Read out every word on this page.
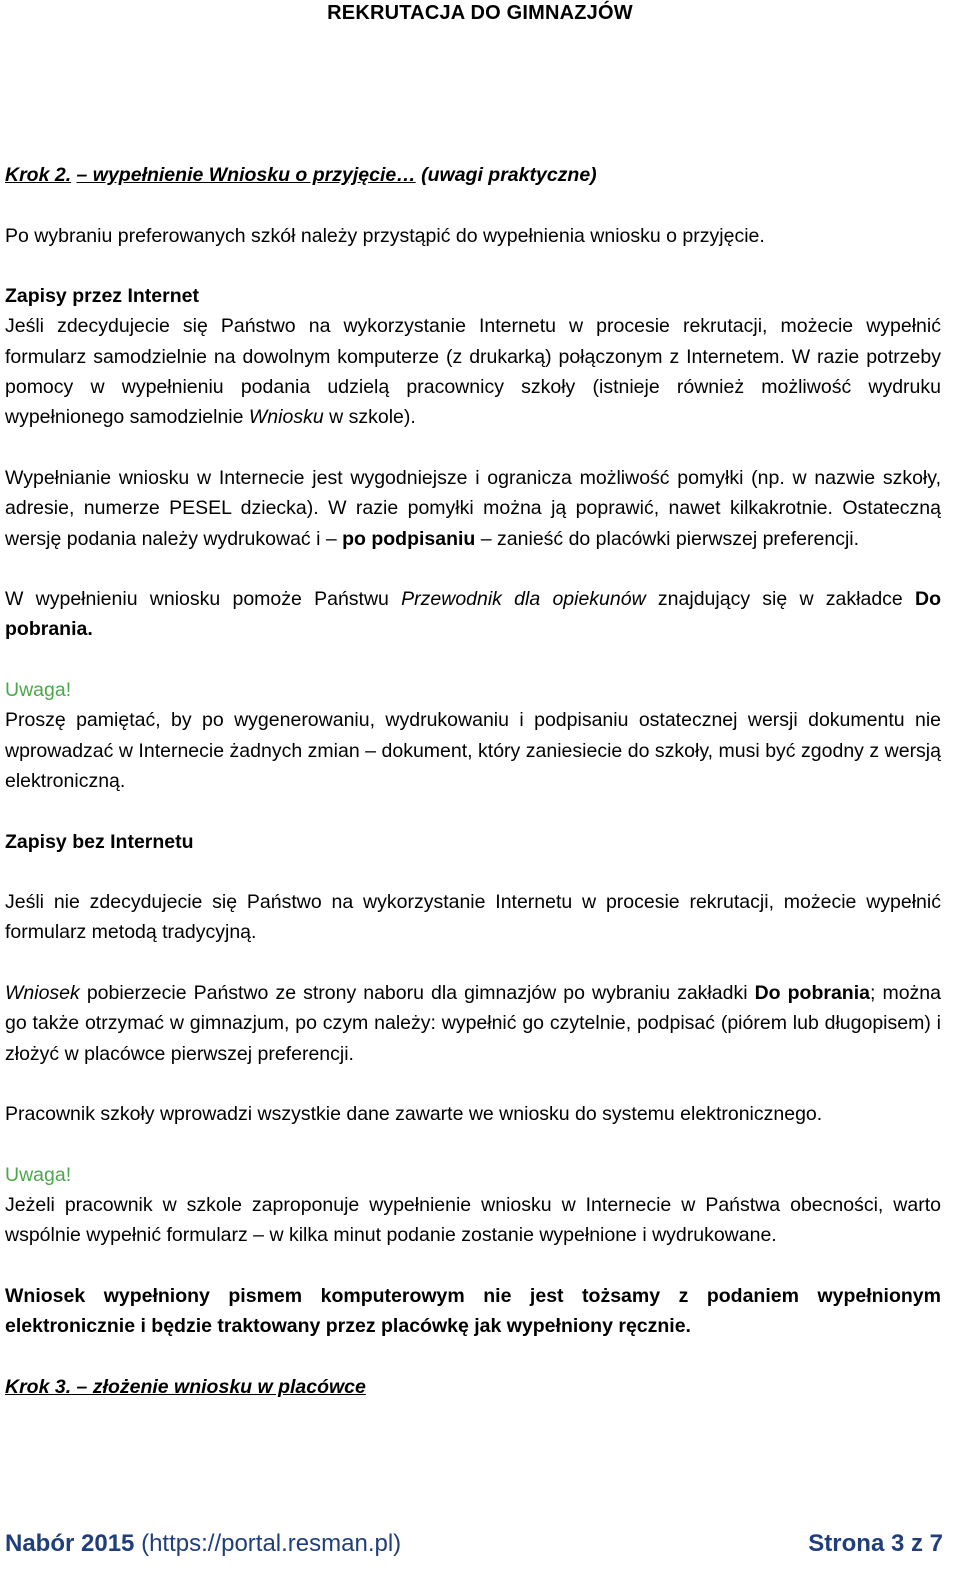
REKRUTACJA DO GIMNAZJÓW

Krok 2. – wypełnienie Wniosku o przyjęcie… (uwagi praktyczne)

Po wybraniu preferowanych szkół należy przystąpić do wypełnienia wniosku o przyjęcie.

Zapisy przez Internet

Jeśli zdecydujecie się Państwo na wykorzystanie Internetu w procesie rekrutacji, możecie wypełnić formularz samodzielnie na dowolnym komputerze (z drukarką) połączonym z Internetem. W razie potrzeby pomocy w wypełnieniu podania udzielą pracownicy szkoły (istnieje również możliwość wydruku wypełnionego samodzielnie Wniosku w szkole).

Wypełnianie wniosku w Internecie jest wygodniejsze i ogranicza możliwość pomyłki (np. w nazwie szkoły, adresie, numerze PESEL dziecka). W razie pomyłki można ją poprawić, nawet kilkakrotnie. Ostateczną wersję podania należy wydrukować i – po podpisaniu – zanieść do placówki pierwszej preferencji.

W wypełnieniu wniosku pomoże Państwu Przewodnik dla opiekunów znajdujący się w zakładce Do pobrania.

Uwaga!

Proszę pamiętać, by po wygenerowaniu, wydrukowaniu i podpisaniu ostatecznej wersji dokumentu nie wprowadzać w Internecie żadnych zmian – dokument, który zaniesiecie do szkoły, musi być zgodny z wersją elektroniczną.

Zapisy bez Internetu

Jeśli nie zdecydujecie się Państwo na wykorzystanie Internetu w procesie rekrutacji, możecie wypełnić formularz metodą tradycyjną.

Wniosek pobierzecie Państwo ze strony naboru dla gimnazjów po wybraniu zakładki Do pobrania; można go także otrzymać w gimnazjum, po czym należy: wypełnić go czytelnie, podpisać (piórem lub długopisem) i złożyć w placówce pierwszej preferencji.

Pracownik szkoły wprowadzi wszystkie dane zawarte we wniosku do systemu elektronicznego.

Uwaga!

Jeżeli pracownik w szkole zaproponuje wypełnienie wniosku w Internecie w Państwa obecności, warto wspólnie wypełnić formularz – w kilka minut podanie zostanie wypełnione i wydrukowane.

Wniosek wypełniony pismem komputerowym nie jest tożsamy z podaniem wypełnionym elektronicznie i będzie traktowany przez placówkę jak wypełniony ręcznie.

Krok 3. – złożenie wniosku w placówce

Nabór 2015 (https://portal.resman.pl)	Strona 3 z 7
